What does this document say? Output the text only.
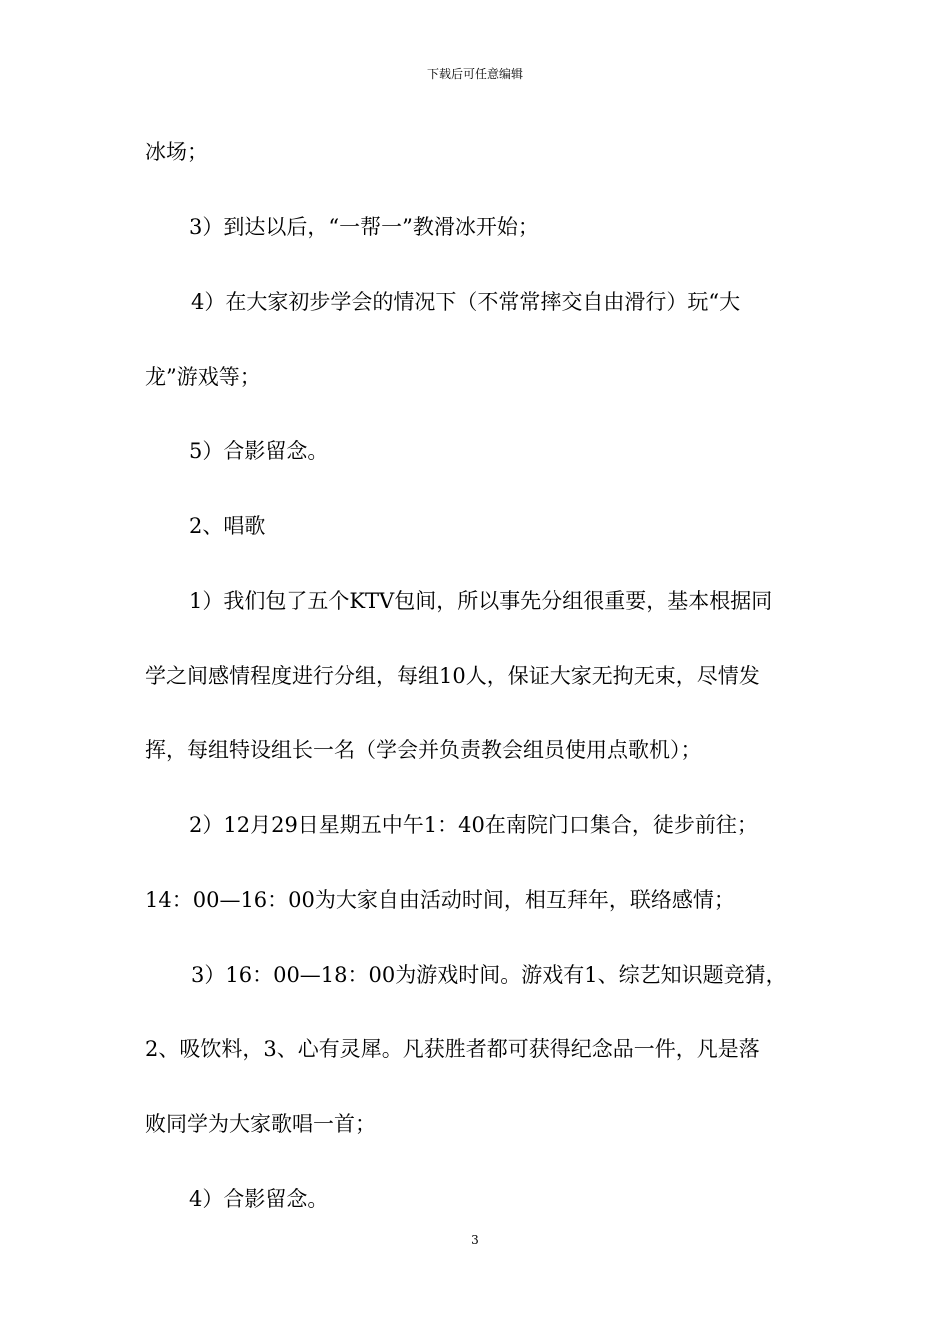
下载后可任意编辑
冰场；
3）到达以后，“一帮一”教滑冰开始；
4）在大家初步学会的情况下（不常常摔交自由滑行）玩“大
龙”游戏等；
5）合影留念。
2、唱歌
1）我们包了五个KTV包间，所以事先分组很重要，基本根据同
学之间感情程度进行分组，每组10人，保证大家无拘无束，尽情发
挥，每组特设组长一名（学会并负责教会组员使用点歌机）；
2）12月29日星期五中午1：40在南院门口集合，徒步前往；
14：00—16：00为大家自由活动时间，相互拜年，联络感情；
3）16：00—18：00为游戏时间。游戏有1、综艺知识题竞猜，
2、吸饮料，3、心有灵犀。凡获胜者都可获得纪念品一件，凡是落
败同学为大家歌唱一首；
4）合影留念。
3
